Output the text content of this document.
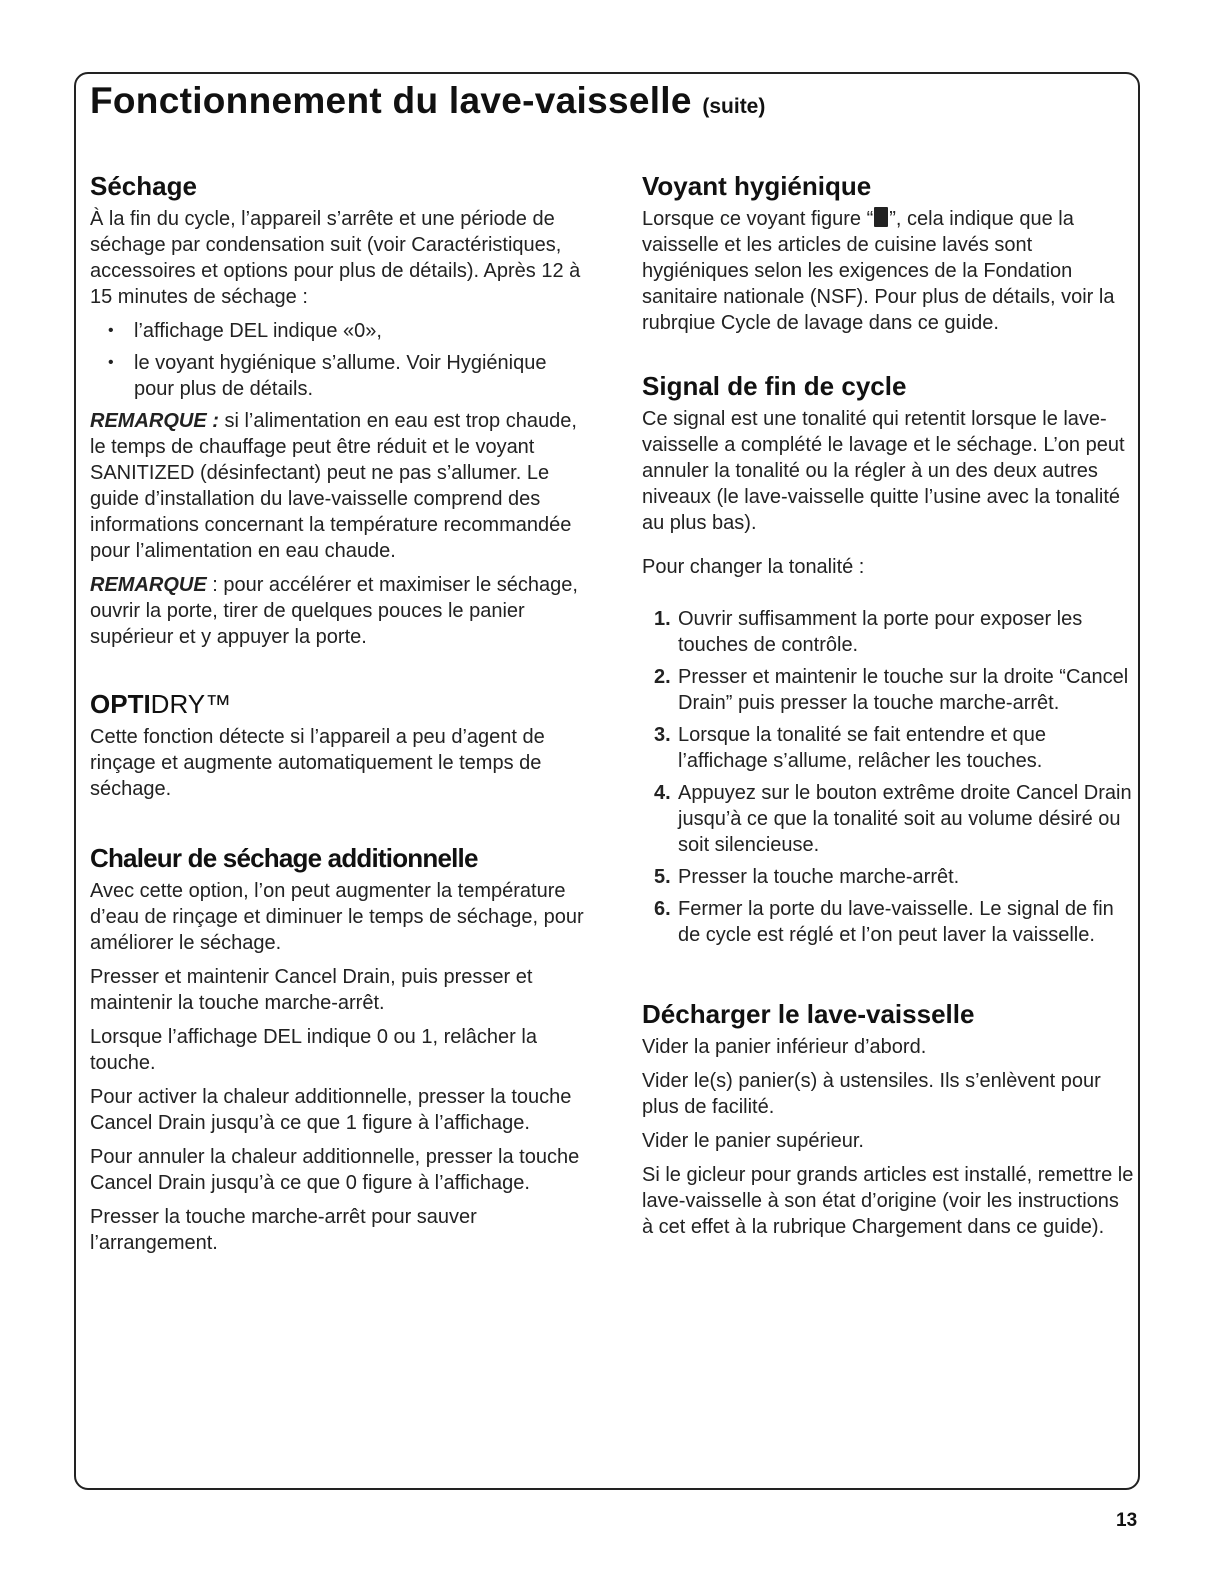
Fonctionnement du lave-vaisselle (suite)
Séchage

À la fin du cycle, l’appareil s’arrête et une période de séchage par condensation suit (voir Caractéristiques, accessoires et options pour plus de détails). Après 12 à 15 minutes de séchage :

• l’affichage DEL indique «0»,
• le voyant hygiénique s’allume. Voir Hygiénique pour plus de détails.

REMARQUE : si l’alimentation en eau est trop chaude, le temps de chauffage peut être réduit et le voyant SANITIZED (désinfectant) peut ne pas s’allumer. Le guide d’installation du lave-vaisselle comprend des informations concernant la température recommandée pour l’alimentation en eau chaude.

REMARQUE : pour accélérer et maximiser le séchage, ouvrir la porte, tirer de quelques pouces le panier supérieur et y appuyer la porte.

OPTIDRY™

Cette fonction détecte si l’appareil a peu d’agent de rinçage et augmente automatiquement le temps de séchage.

Chaleur de séchage additionnelle

Avec cette option, l’on peut augmenter la température d’eau de rinçage et diminuer le temps de séchage, pour améliorer le séchage.

Presser et maintenir Cancel Drain, puis presser et maintenir la touche marche-arrêt.

Lorsque l’affichage DEL indique 0 ou 1, relâcher la touche.

Pour activer la chaleur additionnelle, presser la touche Cancel Drain jusqu’à ce que 1 figure à l’affichage.

Pour annuler la chaleur additionnelle, presser la touche Cancel Drain jusqu’à ce que 0 figure à l’affichage.

Presser la touche marche-arrêt pour sauver l’arrangement.

Voyant hygiénique

Lorsque ce voyant figure “ ”, cela indique que la vaisselle et les articles de cuisine lavés sont hygiéniques selon les exigences de la Fondation sanitaire nationale (NSF). Pour plus de détails, voir la rubrqiue Cycle de lavage dans ce guide.

Signal de fin de cycle

Ce signal est une tonalité qui retentit lorsque le lave-vaisselle a complété le lavage et le séchage. L’on peut annuler la tonalité ou la régler à un des deux autres niveaux (le lave-vaisselle quitte l’usine avec la tonalité au plus bas).

Pour changer la tonalité :

1. Ouvrir suffisamment la porte pour exposer les touches de contrôle.
2. Presser et maintenir le touche sur la droite “Cancel Drain” puis presser la touche marche-arrêt.
3. Lorsque la tonalité se fait entendre et que l’affichage s’allume, relâcher les touches.
4. Appuyez sur le bouton extrême droite Cancel Drain jusqu’à ce que la tonalité soit au volume désiré ou soit silencieuse.
5. Presser la touche marche-arrêt.
6. Fermer la porte du lave-vaisselle. Le signal de fin de cycle est réglé et l’on peut laver la vaisselle.
Décharger le lave-vaisselle

Vider la panier inférieur d’abord.

Vider le(s) panier(s) à ustensiles. Ils s’enlèvent pour plus de facilité.

Vider le panier supérieur.

Si le gicleur pour grands articles est installé, remettre le lave-vaisselle à son état d’origine (voir les instructions à cet effet à la rubrique Chargement dans ce guide).

13
